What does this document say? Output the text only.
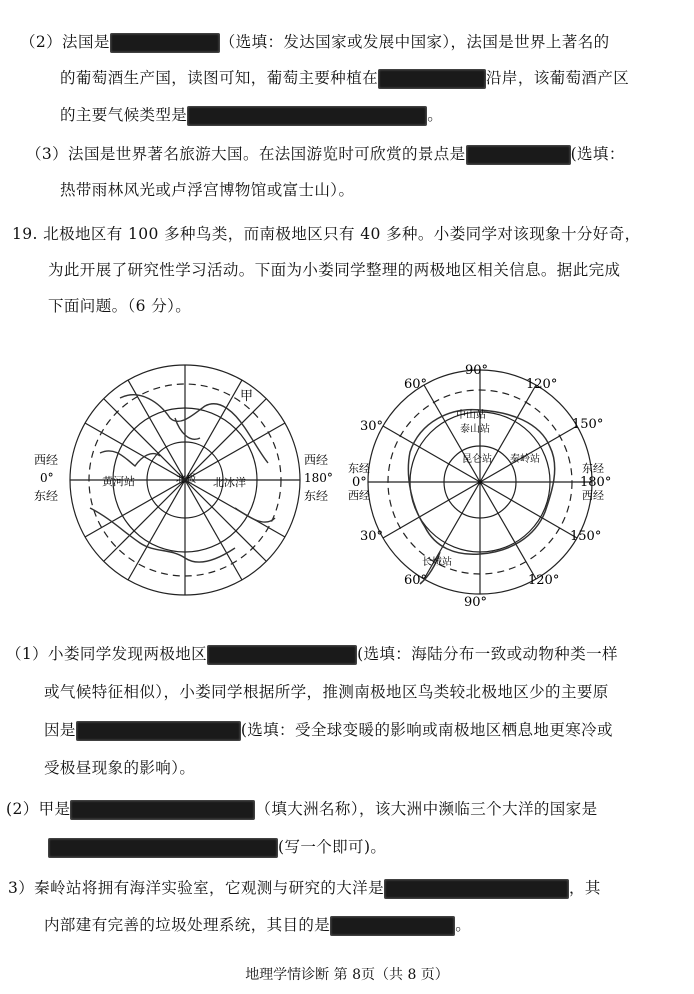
（2）法国是	（选填：发达国家或发展中国家），法国是世界上著名的
的葡萄酒生产国，读图可知，葡萄主要种植在	沿岸，该葡萄酒产区
的主要气候类型是	。
（3）法国是世界著名旅游大国。在法国游览时可欣赏的景点是	(选填：
热带雨林风光或卢浮宫博物馆或富士山）。
19. 北极地区有 100 多种鸟类，而南极地区只有 40 多种。小娄同学对该现象十分好奇，
为此开展了研究性学习活动。下面为小娄同学整理的两极地区相关信息。据此完成
下面问题。（6 分）。
甲
西经
0°
东经
西经
180°
东经
黄河站	北冰洋
北极
90°
60°	120°
30°	150°
东经
0°
西经
东经
180°
西经
30°	150°
60°	120°
90°
中山站
泰山站
昆仑站 秦岭站
长城站
（1）小娄同学发现两极地区	(选填：海陆分布一致或动物种类一样
或气候特征相似），小娄同学根据所学，推测南极地区鸟类较北极地区少的主要原
因是	(选填：受全球变暖的影响或南极地区栖息地更寒冷或
受极昼现象的影响）。
(2）甲是	（填大洲名称），该大洲中濒临三个大洋的国家是
(写一个即可)。
3）秦岭站将拥有海洋实验室，它观测与研究的大洋是	，其
内部建有完善的垃圾处理系统，其目的是	。
地理学情诊断 第 8页（共 8 页）
